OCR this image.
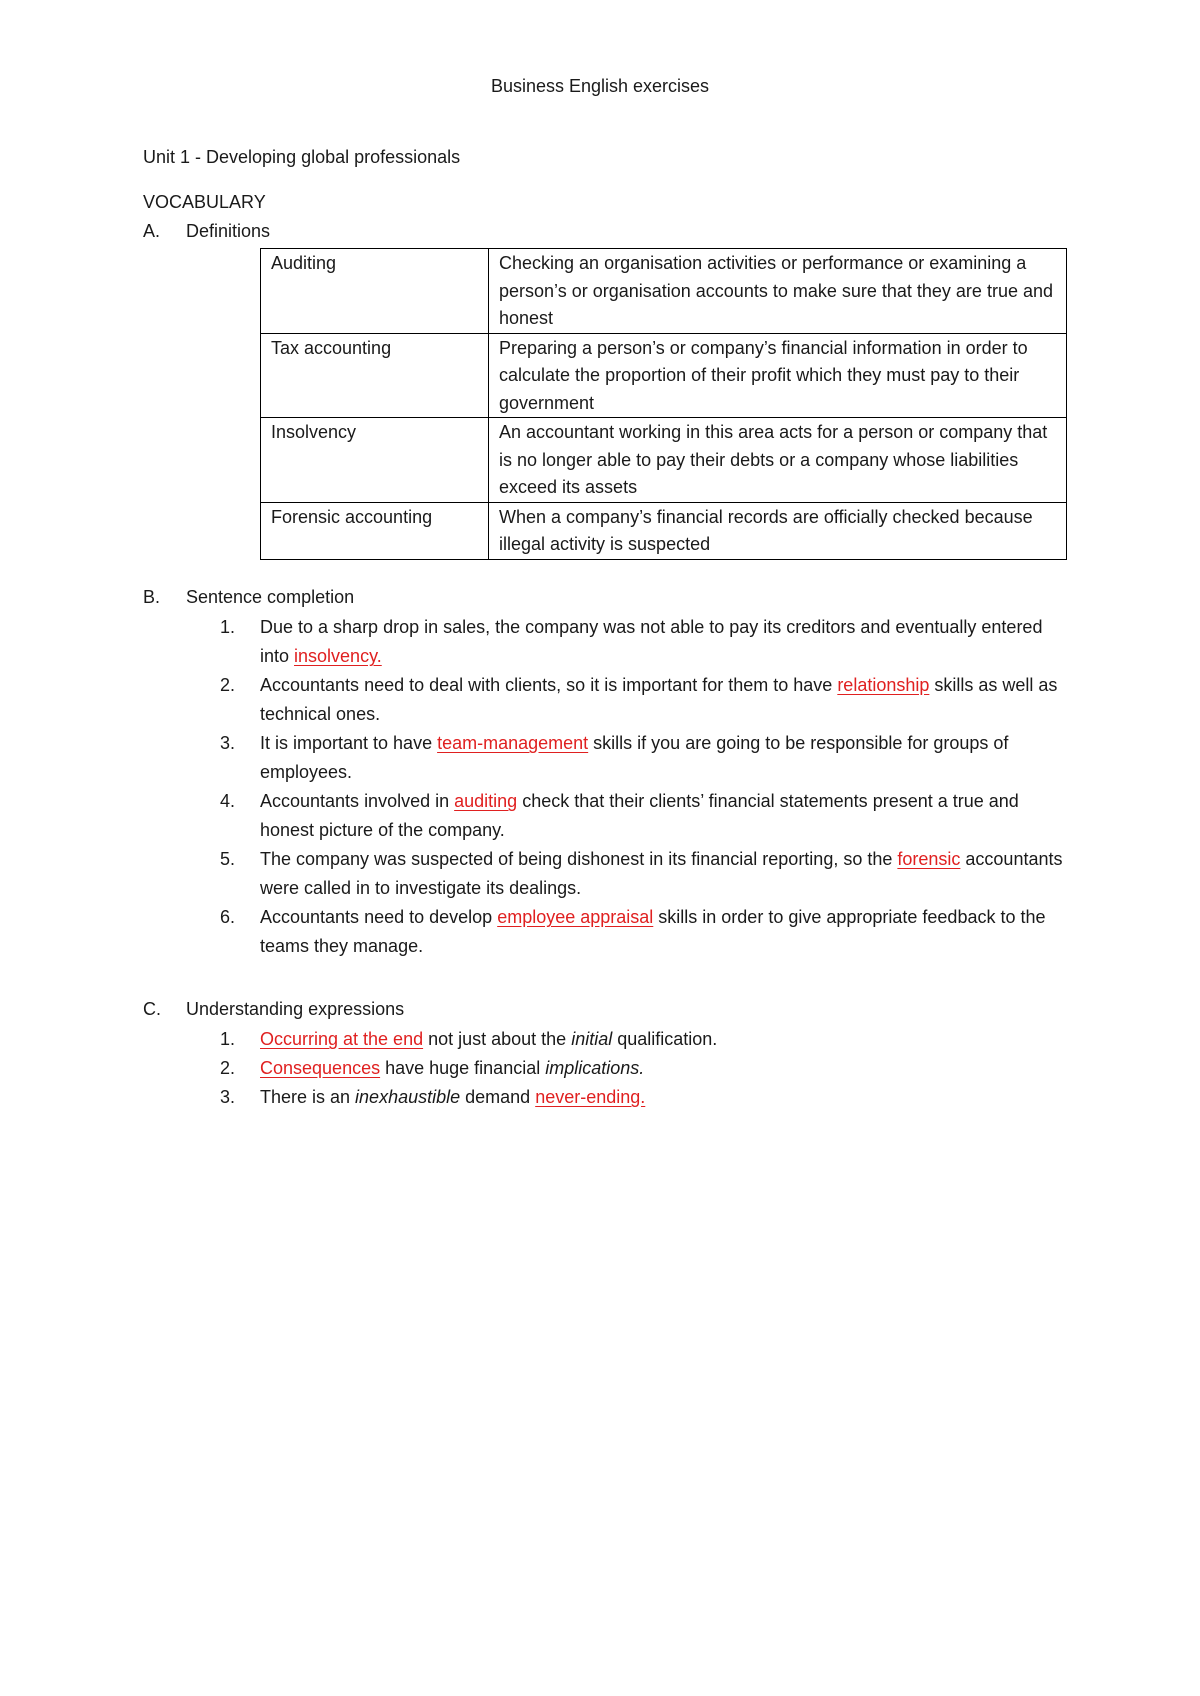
Business English exercises
Unit 1 - Developing global professionals
VOCABULARY
A.	Definitions
Auditing	Checking an organisation activities or performance or examining a person’s or organisation accounts to make sure that they are true and honest
Tax accounting	Preparing a person’s or company’s financial information in order to calculate the proportion of their profit which they must pay to their government
Insolvency	An accountant working in this area acts for a person or company that is no longer able to pay their debts or a company whose liabilities exceed its assets
Forensic accounting	When a company’s financial records are officially checked because illegal activity is suspected
B.	Sentence completion
1.	Due to a sharp drop in sales, the company was not able to pay its creditors and eventually entered into insolvency.
2.	Accountants need to deal with clients, so it is important for them to have relationship skills as well as technical ones.
3.	It is important to have team-management skills if you are going to be responsible for groups of employees.
4.	Accountants involved in auditing check that their clients’ financial statements present a true and honest picture of the company.
5.	The company was suspected of being dishonest in its financial reporting, so the forensic accountants were called in to investigate its dealings.
6.	Accountants need to develop employee appraisal skills in order to give appropriate feedback to the teams they manage.
C.	Understanding expressions
1.	Occurring at the end not just about the initial qualification.
2.	Consequences have huge financial implications.
3.	There is an inexhaustible demand never-ending.
